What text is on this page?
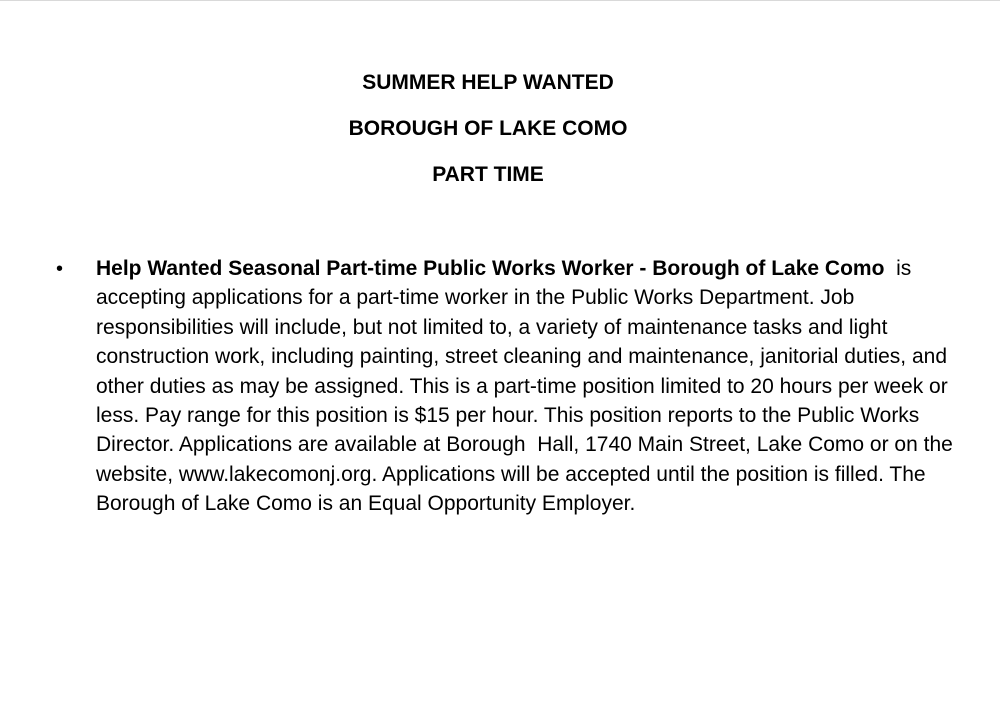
SUMMER HELP WANTED
BOROUGH OF LAKE COMO
PART TIME
• Help Wanted Seasonal Part-time Public Works Worker - Borough of Lake Como  is accepting applications for a part-time worker in the Public Works Department. Job responsibilities will include, but not limited to, a variety of maintenance tasks and light construction work, including painting, street cleaning and maintenance, janitorial duties, and other duties as may be assigned. This is a part-time position limited to 20 hours per week or less. Pay range for this position is $15 per hour. This position reports to the Public Works Director. Applications are available at Borough  Hall, 1740 Main Street, Lake Como or on the  website, www.lakecomonj.org. Applications will be accepted until the position is filled. The Borough of Lake Como is an Equal Opportunity Employer.
